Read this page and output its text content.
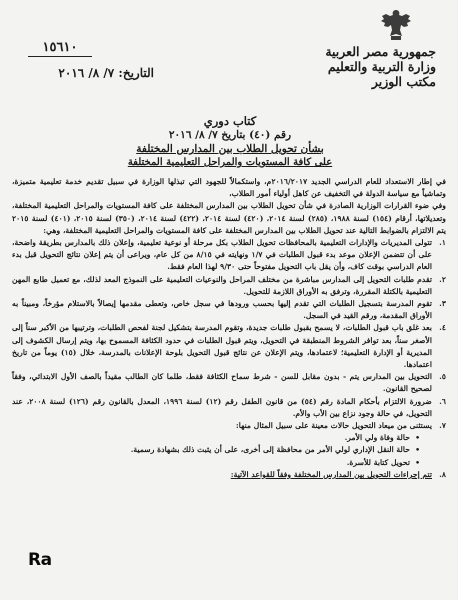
جمهورية مصر العربية
وزارة التربية والتعليم
مكتب الوزير
١٥٦١٠
التاريخ: ٧/ ٨/ ٢٠١٦
كتاب دوري
رقم (٤٠) بتاريخ ٧/ ٨/ ٢٠١٦
بشأن تحويل الطلاب بين المدارس المختلفة
على كافة المستويات والمراحل التعليمية المختلفة

في إطار الاستعداد للعام الدراسي الجديد ٢٠١٦/٢٠١٧م، واستكمالاً للجهود التي تبذلها الوزارة في سبيل تقديم خدمة تعليمية متميزة، وتماشياً مع سياسة الدولة في التخفيف عن كاهل أولياء أمور الطلاب،

وفي ضوء القرارات الوزارية الصادرة في شأن تحويل الطلاب بين المدارس المختلفة على كافة المستويات والمراحل التعليمية المختلفة، وتعديلاتها، أرقام (١٥٤) لسنة ١٩٨٨، (٢٨٥) لسنة ٢٠١٤، (٤٢٠) لسنة ٢٠١٤، (٤٢٢) لسنة ٢٠١٤، (٣٥٠) لسنة ٢٠١٥، (٤٠١) لسنة ٢٠١٥ يتم الالتزام بالضوابط التالية عند تحويل الطلاب بين المدارس المختلفة على كافة المستويات والمراحل التعليمية المختلفة، وهي:

١.
تتولى المديريات والإدارات التعليمية بالمحافظات تحويل الطلاب بكل مرحلة أو نوعية تعليمية، وإعلان ذلك بالمدارس بطريقة واضحة، على أن تتضمن الإعلان موعد بدء قبول الطلبات في ١/٧ ونهايته في ٨/١٥ من كل عام، ويراعى أن يتم إعلان نتائج التحويل قبل بدء العام الدراسي بوقت كاف، وأن يقل باب التحويل مفتوحاً حتى ٩/٣٠ لهذا العام فقط.
٢.
تقدم طلبات التحويل إلى المدارس مباشرة من مختلف المراحل والنوعيات التعليمية على النموذج المعد لذلك، مع تعميل طابع المهن التعليمية بالكتلة المقررة، وترفق به الأوراق اللازمة للتحويل.
٣.
تقوم المدرسة بتسجيل الطلبات التي تقدم إليها بحسب ورودها في سجل خاص، وتعطى مقدمها إيصالاً بالاستلام مؤرخاً، ومبيناً به الأوراق المقدمة، ورقم القيد في السجل.
٤.
بعد غلق باب قبول الطلبات، لا يسمح بقبول طلبات جديدة، وتقوم المدرسة بتشكيل لجنة لفحص الطلبات، وترتيبها من الأكبر سناً إلى الأصغر سناً، بعد توافر الشروط المنطبقة في التحويل، ويتم قبول الطلبات في حدود الكثافة المسموح بها، ويتم إرسال الكشوف إلى المديرية أو الإدارة التعليمية؛ لاعتمادها، ويتم الإعلان عن نتائج قبول التحويل بلوحة الإعلانات بالمدرسة، خلال (١٥) يوماً من تاريخ اعتمادها.
٥.
التحويل بين المدارس يتم - بدون مقابل للسن - شرط سماح الكثافة فقط، طلما كان الطالب مقيداً بالصف الأول الابتدائي، وفقاً لصحيح القانون.
٦.
ضرورة الالتزام بأحكام المادة رقم (٥٤) من قانون الطفل رقم (١٢) لسنة ١٩٩٦، المعدل بالقانون رقم (١٢٦) لسنة ٢٠٠٨، عند التحويل، في حالة وجود نزاع بين الأب والأم.
٧.
يستثنى من ميعاد التحويل حالات معينة على سبيل المثال منها:
• حالة وفاة ولي الأمر.
• حالة النقل الإداري لولي الأمر من محافظة إلى أخرى، على أن يثبت ذلك بشهادة رسمية.
• تحويل كتابة للأسرة.
٨.
تتم إجراءات التحويل بين المدارس المختلفة وفقاً للقواعد الآتية:
Ra
